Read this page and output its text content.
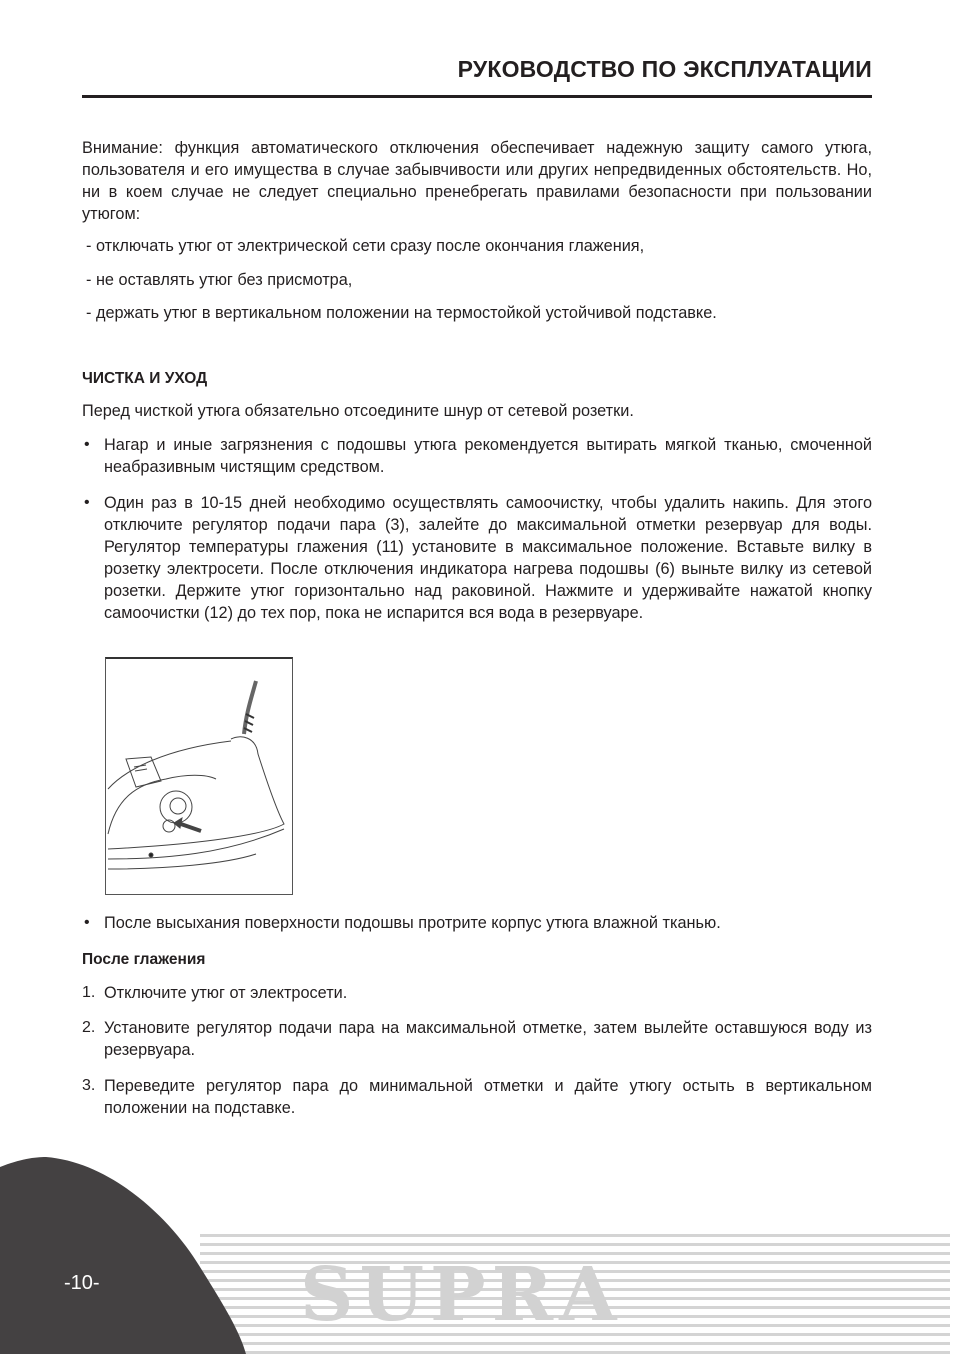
РУКОВОДСТВО ПО ЭКСПЛУАТАЦИИ
Внимание: функция автоматического отключения обеспечивает надежную защиту самого утюга, пользователя и его имущества в случае забывчивости или других непредвиденных обстоятельств. Но, ни в коем случае не следует специально пренебрегать правилами безопасности при пользовании утюгом:
- отключать утюг от электрической сети сразу после окончания глажения,
- не оставлять утюг без присмотра,
- держать утюг в вертикальном положении на термостойкой устойчивой подставке.
ЧИСТКА И УХОД
Перед чисткой утюга обязательно отсоедините шнур от сетевой розетки.
• Нагар и иные загрязнения с подошвы утюга рекомендуется вытирать мягкой тканью, смоченной неабразивным чистящим средством.
• Один раз в 10-15 дней необходимо осуществлять самоочистку, чтобы удалить накипь. Для этого отключите регулятор подачи пара (3), залейте до максимальной отметки резервуар для воды. Регулятор температуры глажения (11) установите в максимальное положение. Вставьте вилку в розетку электросети. После отключения индикатора нагрева подошвы (6) выньте вилку из сетевой розетки. Держите утюг горизонтально над раковиной. Нажмите и удерживайте нажатой кнопку самоочистки (12) до тех пор, пока не испарится вся вода в резервуаре.
• После высыхания поверхности подошвы протрите корпус утюга влажной тканью.
После глажения
1. Отключите утюг от электросети.
2. Установите регулятор подачи пара на максимальной отметке, затем вылейте оставшуюся воду из резервуара.
3. Переведите регулятор пара до минимальной отметки и дайте утюгу остыть в вертикальном положении на подставке.
SUPRA
-10-
